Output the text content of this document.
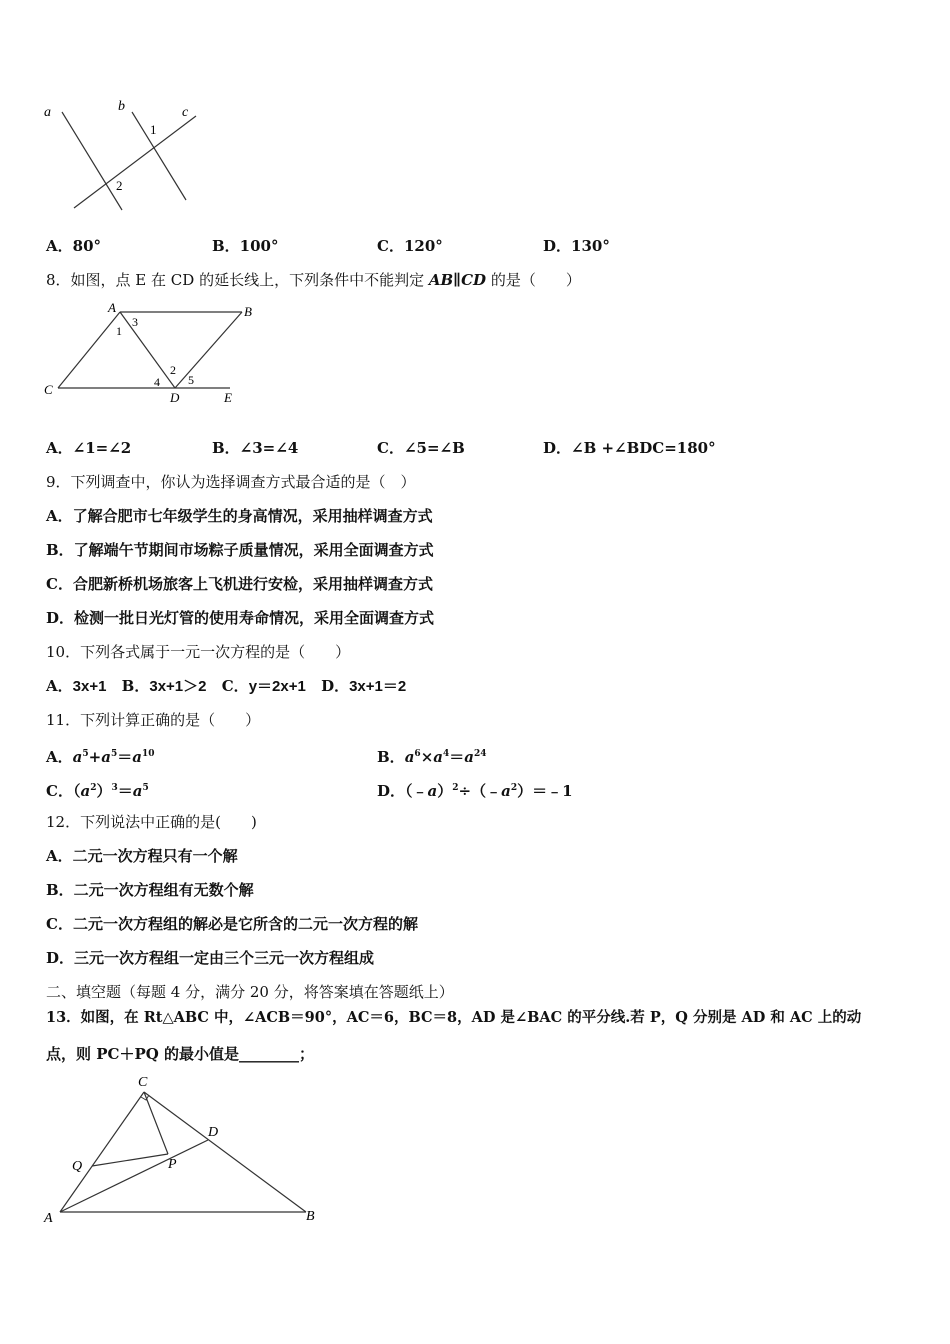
a	b	c
1
2
A．80°	B．100°	C．120°	D．130°
8．如图，点 E 在 CD 的延长线上，下列条件中不能判定 AB∥CD 的是（　　）
A	B
C
D	E
1
3
2
4 5
A．∠1=∠2	B．∠3=∠4	C．∠5=∠B	D．∠B +∠BDC=180°
9．下列调查中，你认为选择调查方式最合适的是（　）
A．了解合肥市七年级学生的身高情况，采用抽样调查方式
B．了解端午节期间市场粽子质量情况，采用全面调查方式
C．合肥新桥机场旅客上飞机进行安检，采用抽样调查方式
D．检测一批日光灯管的使用寿命情况，采用全面调查方式
10．下列各式属于一元一次方程的是（　　）
A．3x+1 B．3x+1＞2 C．y＝2x+1 D．3x+1＝2
11．下列计算正确的是（　　）
A．$a^5+a^5=a^{10}$	B．$a^6\times a^4=a^{24}$
C．$(a^2)^3=a^5$	D．$(﹣a)^2\div(﹣a^2)=﹣1$
12．下列说法中正确的是(　　)
A．二元一次方程只有一个解
B．二元一次方程组有无数个解
C．二元一次方程组的解必是它所含的二元一次方程的解
D．三元一次方程组一定由三个三元一次方程组成
二、填空题（每题 4 分，满分 20 分，将答案填在答题纸上）
13．如图，在 Rt△ABC 中，∠ACB＝90°，AC＝6，BC＝8，AD 是∠BAC 的平分线.若 P，Q 分别是 AD 和 AC 上的动
点，则 PC＋PQ 的最小值是________；
C
D
Q	P
A	B
